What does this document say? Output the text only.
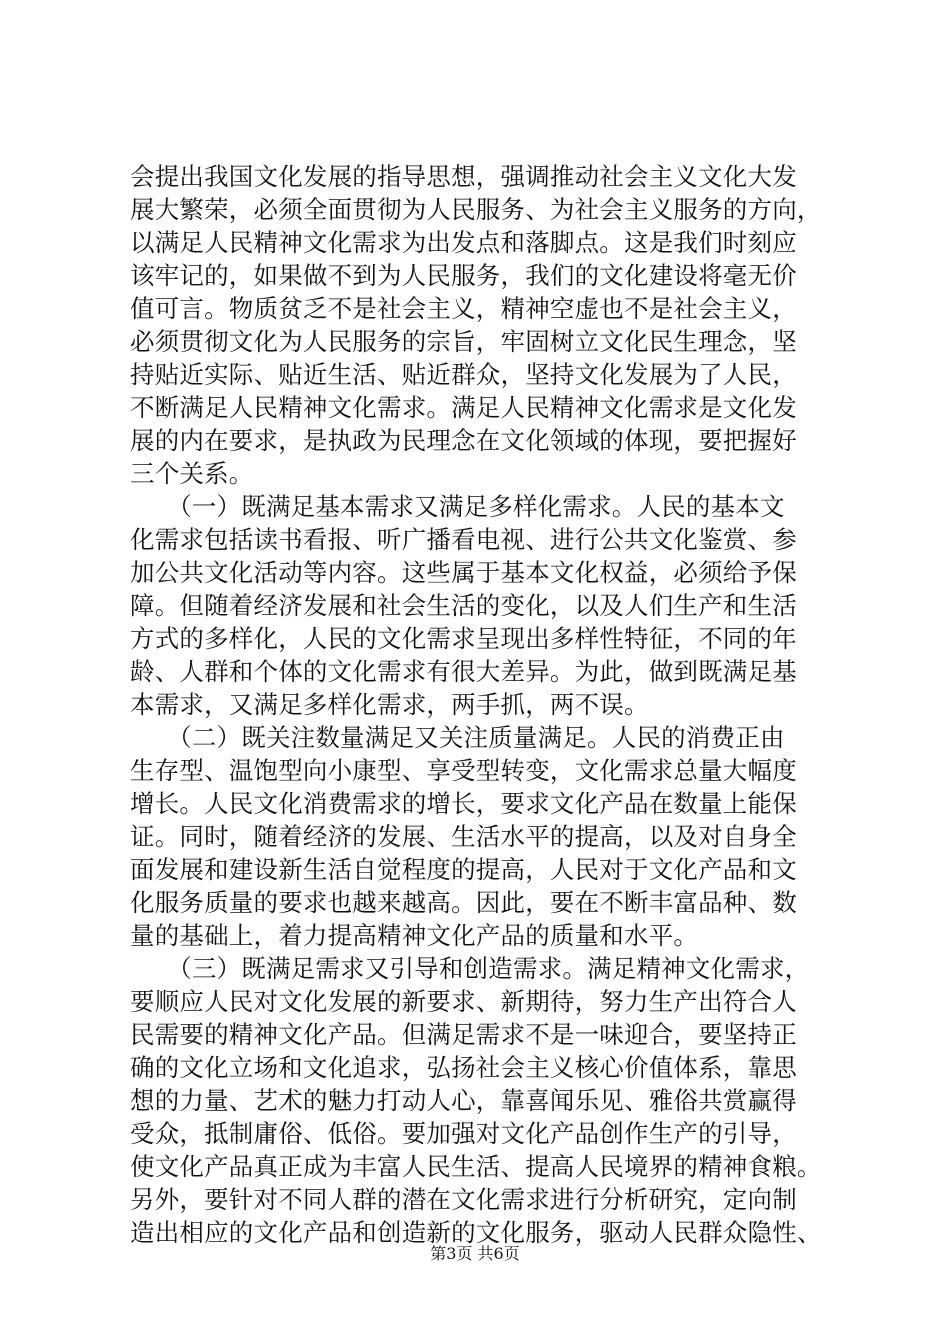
会提出我国文化发展的指导思想，强调推动社会主义文化大发
展大繁荣，必须全面贯彻为人民服务、为社会主义服务的方向，
以满足人民精神文化需求为出发点和落脚点。这是我们时刻应
该牢记的，如果做不到为人民服务，我们的文化建设将毫无价
值可言。物质贫乏不是社会主义，精神空虚也不是社会主义，
必须贯彻文化为人民服务的宗旨，牢固树立文化民生理念，坚
持贴近实际、贴近生活、贴近群众，坚持文化发展为了人民，
不断满足人民精神文化需求。满足人民精神文化需求是文化发
展的内在要求，是执政为民理念在文化领域的体现，要把握好
三个关系。
　　（一）既满足基本需求又满足多样化需求。人民的基本文
化需求包括读书看报、听广播看电视、进行公共文化鉴赏、参
加公共文化活动等内容。这些属于基本文化权益，必须给予保
障。但随着经济发展和社会生活的变化，以及人们生产和生活
方式的多样化，人民的文化需求呈现出多样性特征，不同的年
龄、人群和个体的文化需求有很大差异。为此，做到既满足基
本需求，又满足多样化需求，两手抓，两不误。
　　（二）既关注数量满足又关注质量满足。人民的消费正由
生存型、温饱型向小康型、享受型转变，文化需求总量大幅度
增长。人民文化消费需求的增长，要求文化产品在数量上能保
证。同时，随着经济的发展、生活水平的提高，以及对自身全
面发展和建设新生活自觉程度的提高，人民对于文化产品和文
化服务质量的要求也越来越高。因此，要在不断丰富品种、数
量的基础上，着力提高精神文化产品的质量和水平。
　　（三）既满足需求又引导和创造需求。满足精神文化需求，
要顺应人民对文化发展的新要求、新期待，努力生产出符合人
民需要的精神文化产品。但满足需求不是一味迎合，要坚持正
确的文化立场和文化追求，弘扬社会主义核心价值体系，靠思
想的力量、艺术的魅力打动人心，靠喜闻乐见、雅俗共赏赢得
受众，抵制庸俗、低俗。要加强对文化产品创作生产的引导，
使文化产品真正成为丰富人民生活、提高人民境界的精神食粮。
另外，要针对不同人群的潜在文化需求进行分析研究，定向制
造出相应的文化产品和创造新的文化服务，驱动人民群众隐性、
第3页 共6页
